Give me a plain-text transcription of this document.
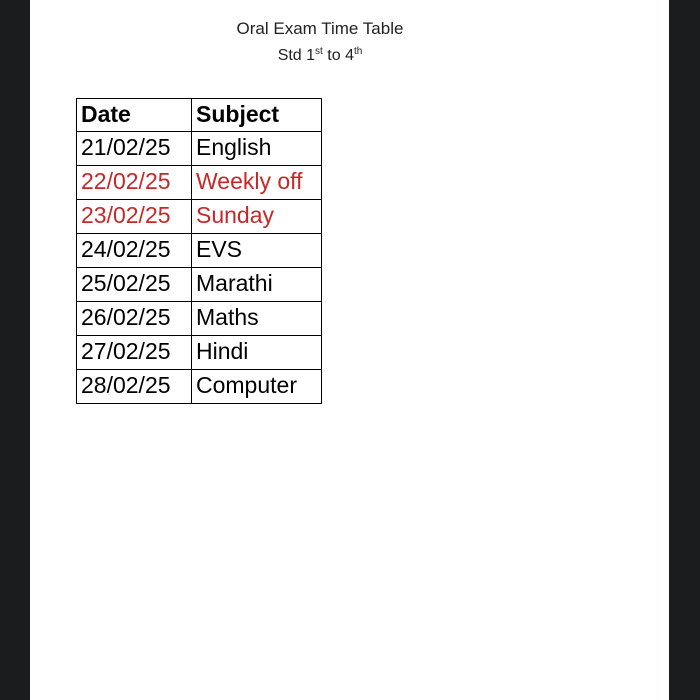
Oral Exam Time Table
Std 1st to 4th
Date	Subject
21/02/25	English
22/02/25	Weekly off
23/02/25	Sunday
24/02/25	EVS
25/02/25	Marathi
26/02/25	Maths
27/02/25	Hindi
28/02/25	Computer
